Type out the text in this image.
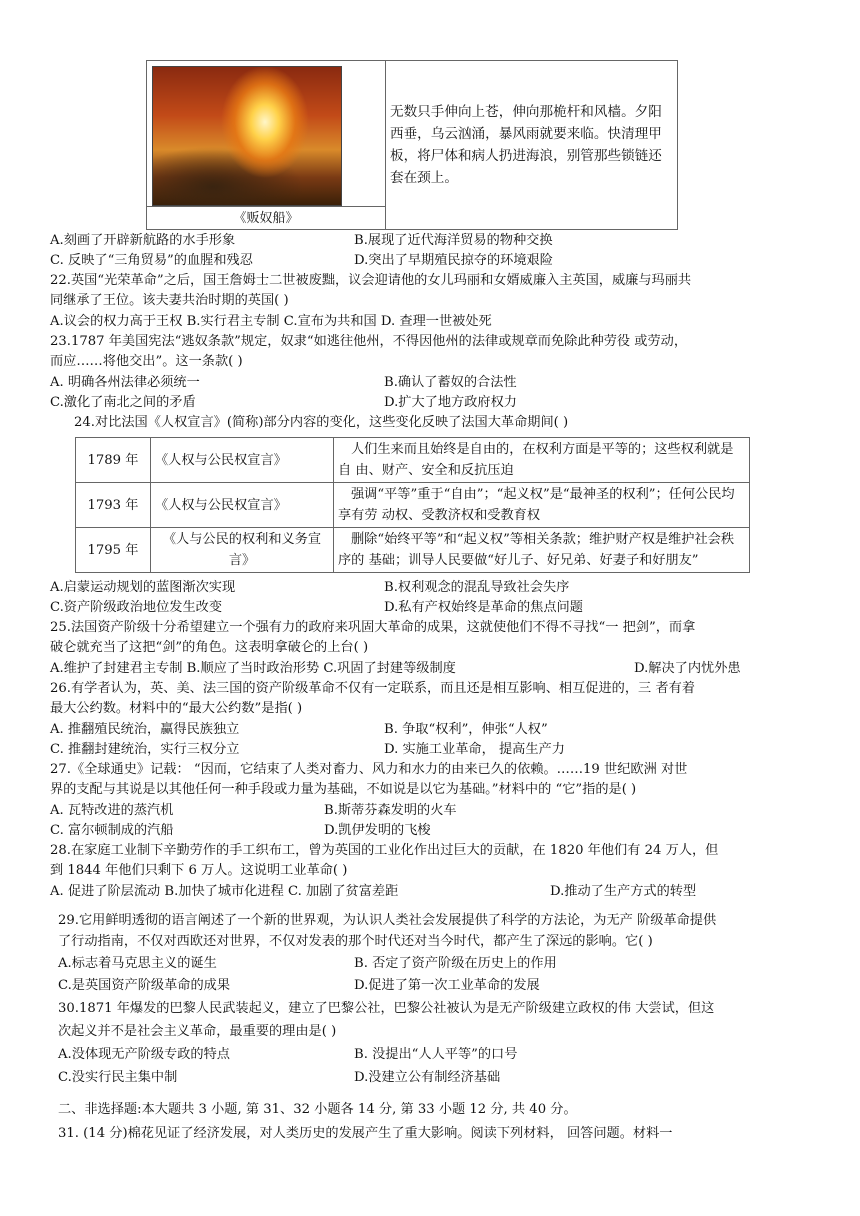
无数只手伸向上苍，伸向那桅杆和风樯。夕阳西垂，乌云汹涌，暴风雨就要来临。快清理甲板，将尸体和病人扔进海浪，别管那些锁链还套在颈上。

《贩奴船》
A.刻画了开辟新航路的水手形象	B.展现了近代海洋贸易的物种交换
C. 反映了“三角贸易”的血腥和残忍	D.突出了早期殖民掠夺的环境艰险
22.英国“光荣革命”之后，国王詹姆士二世被废黜，议会迎请他的女儿玛丽和女婿威廉入主英国，威廉与玛丽共
同继承了王位。该夫妻共治时期的英国( )
A.议会的权力高于王权 B.实行君主专制 C.宣布为共和国 D. 查理一世被处死
23.1787 年美国宪法“逃奴条款”规定，奴隶“如逃往他州，不得因他州的法律或规章而免除此种劳役 或劳动，
而应……将他交出”。这一条款( )
A. 明确各州法律必须统一	B.确认了蓄奴的合法性
C.激化了南北之间的矛盾	D.扩大了地方政府权力
24.对比法国《人权宣言》(简称)部分内容的变化，这些变化反映了法国大革命期间( )
1789 年	《人权与公民权宣言》	人们生来而且始终是自由的，在权利方面是平等的；这些权利就是自 由、财产、安全和反抗压迫
1793 年	《人权与公民权宣言》	强调“平等”重于“自由”；“起义权”是“最神圣的权利”；任何公民均享有劳 动权、受教济权和受教育权
1795 年	《人与公民的权利和义务宣言》	删除“始终平等”和“起义权”等相关条款；维护财产权是维护社会秩序的 基础；训导人民要做“好儿子、好兄弟、好妻子和好朋友”
A.启蒙运动规划的蓝图渐次实现	B.权利观念的混乱导致社会失序
C.资产阶级政治地位发生改变	D.私有产权始终是革命的焦点问题
25.法国资产阶级十分希望建立一个强有力的政府来巩固大革命的成果，这就使他们不得不寻找“一 把剑”，而拿
破仑就充当了这把“剑”的角色。这表明拿破仑的上台( )
A.维护了封建君主专制 B.顺应了当时政治形势 C.巩固了封建等级制度	D.解决了内忧外患
26.有学者认为，英、美、法三国的资产阶级革命不仅有一定联系，而且还是相互影响、相互促进的，三 者有着
最大公约数。材料中的“最大公约数”是指( )
A. 推翻殖民统治，赢得民族独立	B. 争取“权利”，伸张“人权”
C. 推翻封建统治，实行三权分立	D. 实施工业革命， 提高生产力
27.《全球通史》记载： “因而，它结束了人类对畜力、风力和水力的由来已久的依赖。……19 世纪欧洲 对世
界的支配与其说是以其他任何一种手段或力量为基础，不如说是以它为基础。”材料中的 “它”指的是( )
A. 瓦特改进的蒸汽机	B.斯蒂芬森发明的火车
C. 富尔顿制成的汽船	D.凯伊发明的飞梭
28.在家庭工业制下辛勤劳作的手工织布工，曾为英国的工业化作出过巨大的贡献，在 1820 年他们有 24 万人，但
到 1844 年他们只剩下 6 万人。这说明工业革命( )
A. 促进了阶层流动 B.加快了城市化进程 C. 加剧了贫富差距	D.推动了生产方式的转型
29.它用鲜明透彻的语言阐述了一个新的世界观，为认识人类社会发展提供了科学的方法论，为无产 阶级革命提供
了行动指南，不仅对西欧还对世界，不仅对发表的那个时代还对当今时代，都产生了深远的影响。它( )
A.标志着马克思主义的诞生	B. 否定了资产阶级在历史上的作用
C.是英国资产阶级革命的成果	D.促进了第一次工业革命的发展
30.1871 年爆发的巴黎人民武装起义，建立了巴黎公社，巴黎公社被认为是无产阶级建立政权的伟 大尝试，但这
次起义并不是社会主义革命，最重要的理由是( )
A.没体现无产阶级专政的特点	B. 没提出“人人平等”的口号
C.没实行民主集中制	D.没建立公有制经济基础
二、非选择题:本大题共 3 小题, 第 31、32 小题各 14 分, 第 33 小题 12 分, 共 40 分。
31. (14 分)棉花见证了经济发展，对人类历史的发展产生了重大影响。阅读下列材料， 回答问题。材料一
